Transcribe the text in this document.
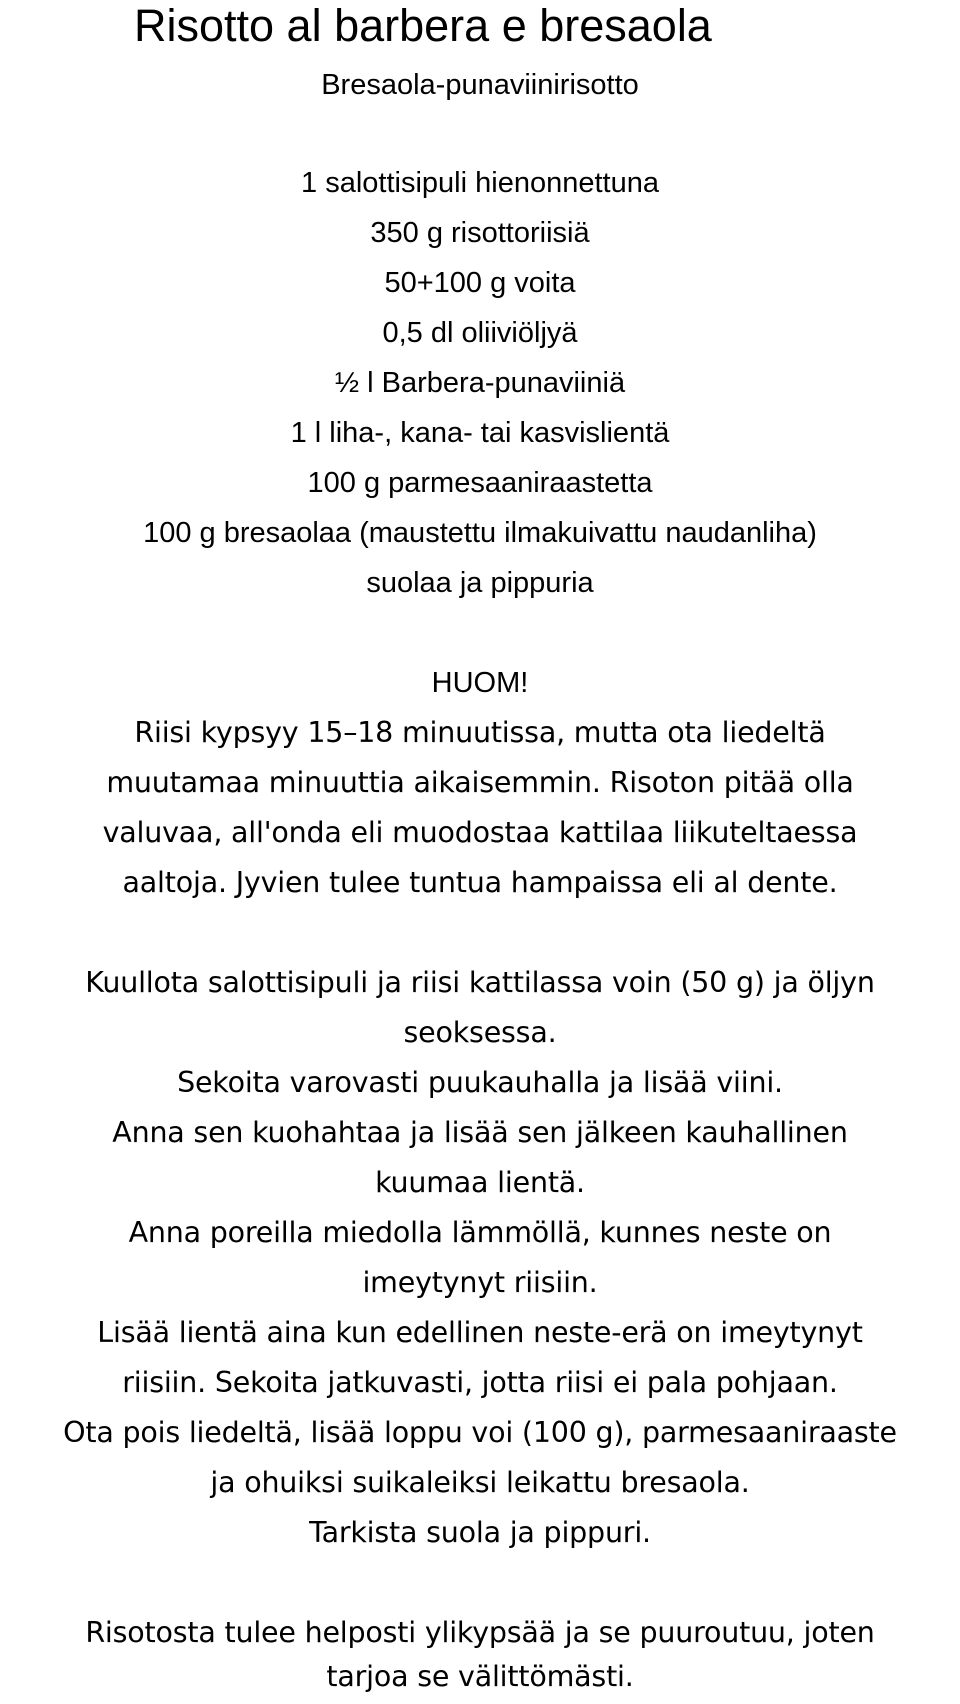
Risotto al barbera e bresaola
Bresaola-punaviinirisotto
1 salottisipuli hienonnettuna
350 g risottoriisiä
50+100 g voita
0,5 dl oliiviöljyä
½ l Barbera-punaviiniä
1 l liha-, kana- tai kasvislientä
100 g parmesaaniraastetta
100 g bresaolaa (maustettu ilmakuivattu naudanliha)
suolaa ja pippuria
HUOM!
Riisi kypsyy 15–18 minuutissa, mutta ota liedeltä
muutamaa minuuttia aikaisemmin. Risoton pitää olla
valuvaa, all'onda eli muodostaa kattilaa liikuteltaessa
aaltoja. Jyvien tulee tuntua hampaissa eli al dente.
Kuullota salottisipuli ja riisi kattilassa voin (50 g) ja öljyn
seoksessa.
Sekoita varovasti puukauhalla ja lisää viini.
Anna sen kuohahtaa ja lisää sen jälkeen kauhallinen
kuumaa lientä.
Anna poreilla miedolla lämmöllä, kunnes neste on
imeytynyt riisiin.
Lisää lientä aina kun edellinen neste-erä on imeytynyt
riisiin. Sekoita jatkuvasti, jotta riisi ei pala pohjaan.
Ota pois liedeltä, lisää loppu voi (100 g), parmesaaniraaste
ja ohuiksi suikaleiksi leikattu bresaola.
Tarkista suola ja pippuri.
Risotosta tulee helposti ylikypsää ja se puuroutuu, joten
tarjoa se välittömästi.
